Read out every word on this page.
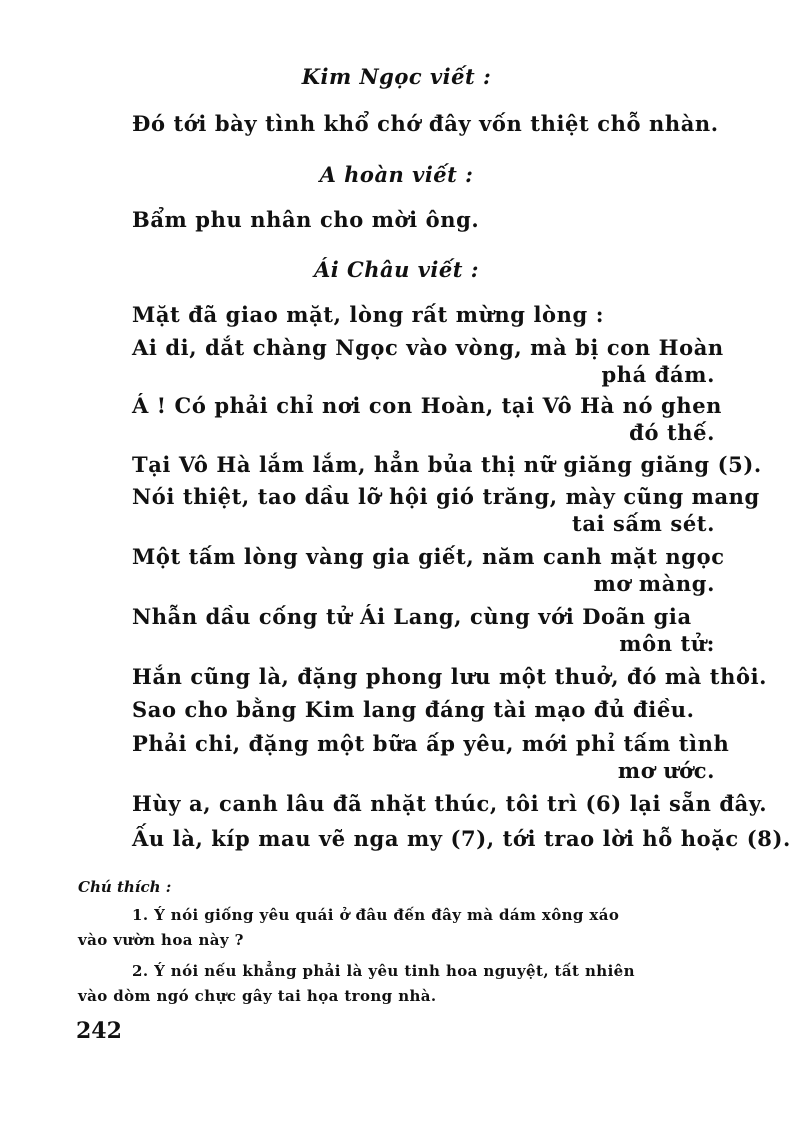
Kim Ngọc viết :
Đó tới bày tình khổ chớ đây vốn thiệt chỗ nhàn.
A hoàn viết :
Bẩm phu nhân cho mời ông.
Ái Châu viết :
Mặt đã giao mặt, lòng rất mừng lòng :
Ai di, dắt chàng Ngọc vào vòng, mà bị con Hoàn
phá đám.
Á ! Có phải chỉ nơi con Hoàn, tại Vô Hà nó ghen
đó thế.
Tại Vô Hà lắm lắm, hẳn bủa thị nữ giăng giăng (5).
Nói thiệt, tao dầu lỡ hội gió trăng, mày cũng mang
tai sấm sét.
Một tấm lòng vàng gia giết, năm canh mặt ngọc
mơ màng.
Nhẫn dầu cống tử Ái Lang, cùng với Doãn gia
môn tử:
Hắn cũng là, đặng phong lưu một thuở, đó mà thôi.
Sao cho bằng Kim lang đáng tài mạo đủ điều.
Phải chi, đặng một bữa ấp yêu, mới phỉ tấm tình
mơ ước.
Hùy a, canh lâu đã nhặt thúc, tôi trì (6) lại sẵn đây.
Ấu là, kíp mau vẽ nga my (7), tới trao lời hỗ hoặc (8).
Chú thích :
1. Ý nói giống yêu quái ở đâu đến đây mà dám xông xáo
vào vườn hoa này ?
2. Ý nói nếu khẳng phải là yêu tinh hoa nguyệt, tất nhiên
vào dòm ngó chực gây tai họa trong nhà.
242
